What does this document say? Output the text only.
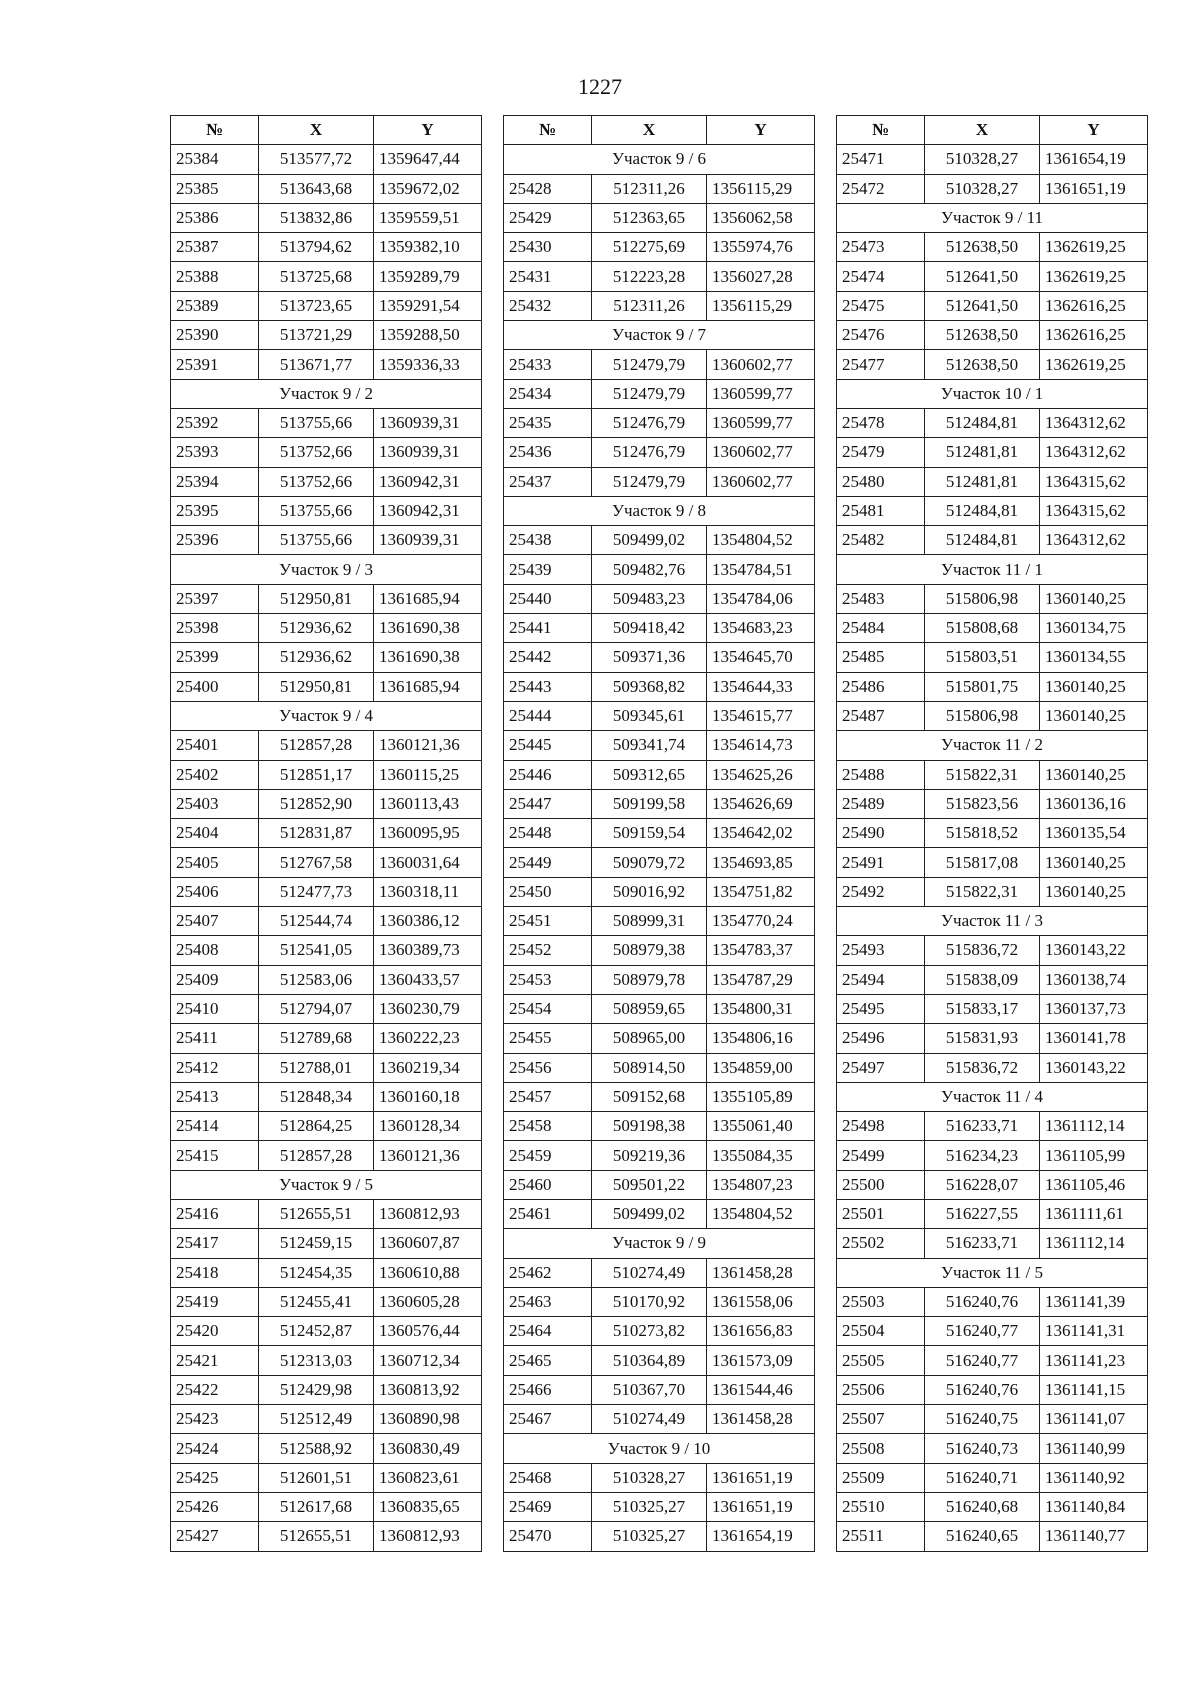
1227
№	X	Y
25384	513577,72	1359647,44
25385	513643,68	1359672,02
25386	513832,86	1359559,51
25387	513794,62	1359382,10
25388	513725,68	1359289,79
25389	513723,65	1359291,54
25390	513721,29	1359288,50
25391	513671,77	1359336,33
Участок 9 / 2		
25392	513755,66	1360939,31
25393	513752,66	1360939,31
25394	513752,66	1360942,31
25395	513755,66	1360942,31
25396	513755,66	1360939,31
Участок 9 / 3		
25397	512950,81	1361685,94
25398	512936,62	1361690,38
25399	512936,62	1361690,38
25400	512950,81	1361685,94
Участок 9 / 4		
25401	512857,28	1360121,36
25402	512851,17	1360115,25
25403	512852,90	1360113,43
25404	512831,87	1360095,95
25405	512767,58	1360031,64
25406	512477,73	1360318,11
25407	512544,74	1360386,12
25408	512541,05	1360389,73
25409	512583,06	1360433,57
25410	512794,07	1360230,79
25411	512789,68	1360222,23
25412	512788,01	1360219,34
25413	512848,34	1360160,18
25414	512864,25	1360128,34
25415	512857,28	1360121,36
Участок 9 / 5		
25416	512655,51	1360812,93
25417	512459,15	1360607,87
25418	512454,35	1360610,88
25419	512455,41	1360605,28
25420	512452,87	1360576,44
25421	512313,03	1360712,34
25422	512429,98	1360813,92
25423	512512,49	1360890,98
25424	512588,92	1360830,49
25425	512601,51	1360823,61
25426	512617,68	1360835,65
25427	512655,51	1360812,93
№	X	Y
Участок 9 / 6		
25428	512311,26	1356115,29
25429	512363,65	1356062,58
25430	512275,69	1355974,76
25431	512223,28	1356027,28
25432	512311,26	1356115,29
Участок 9 / 7		
25433	512479,79	1360602,77
25434	512479,79	1360599,77
25435	512476,79	1360599,77
25436	512476,79	1360602,77
25437	512479,79	1360602,77
Участок 9 / 8		
25438	509499,02	1354804,52
25439	509482,76	1354784,51
25440	509483,23	1354784,06
25441	509418,42	1354683,23
25442	509371,36	1354645,70
25443	509368,82	1354644,33
25444	509345,61	1354615,77
25445	509341,74	1354614,73
25446	509312,65	1354625,26
25447	509199,58	1354626,69
25448	509159,54	1354642,02
25449	509079,72	1354693,85
25450	509016,92	1354751,82
25451	508999,31	1354770,24
25452	508979,38	1354783,37
25453	508979,78	1354787,29
25454	508959,65	1354800,31
25455	508965,00	1354806,16
25456	508914,50	1354859,00
25457	509152,68	1355105,89
25458	509198,38	1355061,40
25459	509219,36	1355084,35
25460	509501,22	1354807,23
25461	509499,02	1354804,52
Участок 9 / 9		
25462	510274,49	1361458,28
25463	510170,92	1361558,06
25464	510273,82	1361656,83
25465	510364,89	1361573,09
25466	510367,70	1361544,46
25467	510274,49	1361458,28
Участок 9 / 10		
25468	510328,27	1361651,19
25469	510325,27	1361651,19
25470	510325,27	1361654,19
№	X	Y
25471	510328,27	1361654,19
25472	510328,27	1361651,19
Участок 9 / 11		
25473	512638,50	1362619,25
25474	512641,50	1362619,25
25475	512641,50	1362616,25
25476	512638,50	1362616,25
25477	512638,50	1362619,25
Участок 10 / 1		
25478	512484,81	1364312,62
25479	512481,81	1364312,62
25480	512481,81	1364315,62
25481	512484,81	1364315,62
25482	512484,81	1364312,62
Участок 11 / 1		
25483	515806,98	1360140,25
25484	515808,68	1360134,75
25485	515803,51	1360134,55
25486	515801,75	1360140,25
25487	515806,98	1360140,25
Участок 11 / 2		
25488	515822,31	1360140,25
25489	515823,56	1360136,16
25490	515818,52	1360135,54
25491	515817,08	1360140,25
25492	515822,31	1360140,25
Участок 11 / 3		
25493	515836,72	1360143,22
25494	515838,09	1360138,74
25495	515833,17	1360137,73
25496	515831,93	1360141,78
25497	515836,72	1360143,22
Участок 11 / 4		
25498	516233,71	1361112,14
25499	516234,23	1361105,99
25500	516228,07	1361105,46
25501	516227,55	1361111,61
25502	516233,71	1361112,14
Участок 11 / 5		
25503	516240,76	1361141,39
25504	516240,77	1361141,31
25505	516240,77	1361141,23
25506	516240,76	1361141,15
25507	516240,75	1361141,07
25508	516240,73	1361140,99
25509	516240,71	1361140,92
25510	516240,68	1361140,84
25511	516240,65	1361140,77
